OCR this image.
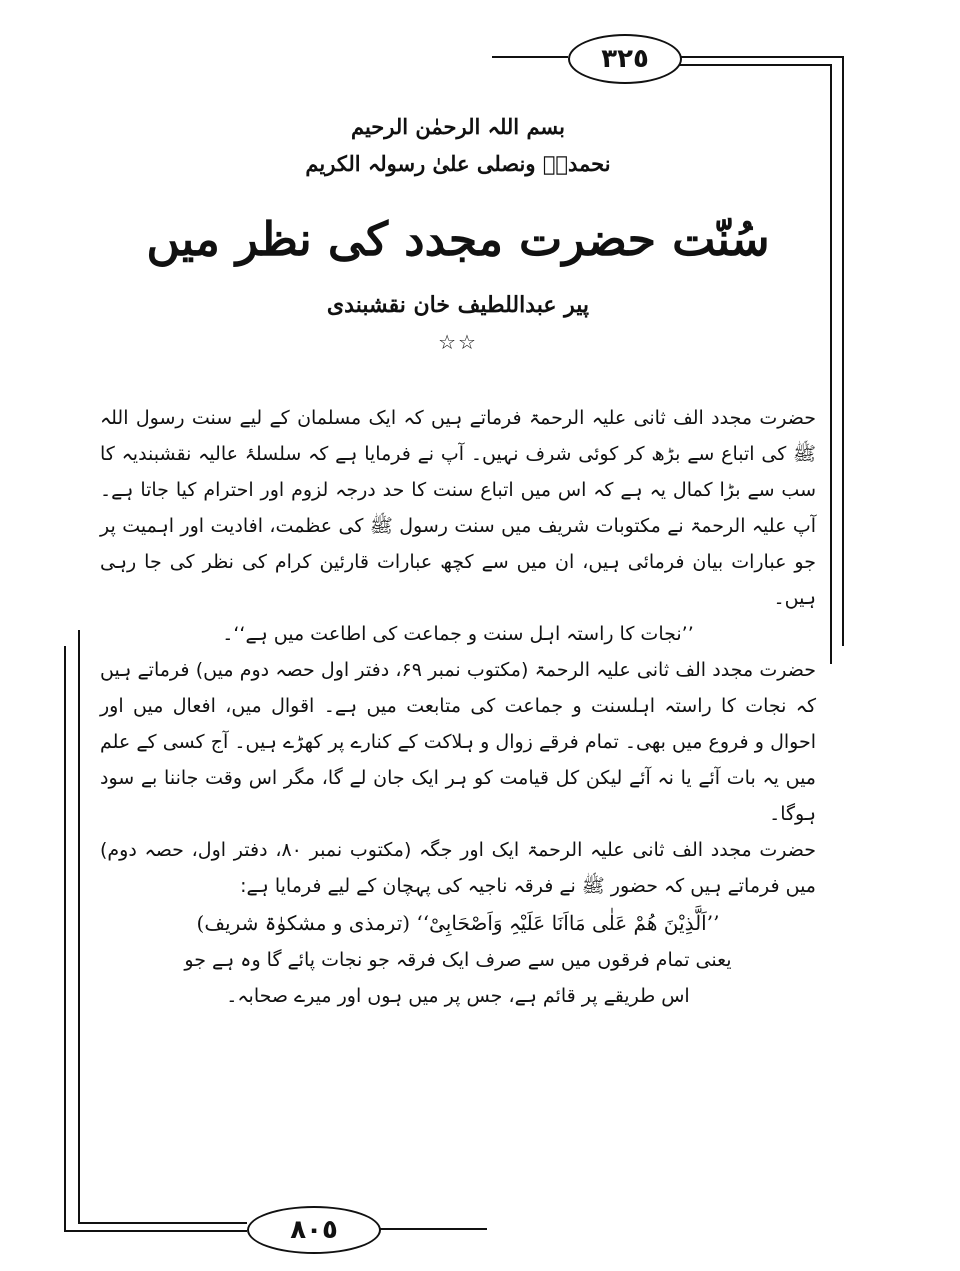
٣٢٥
٨٠٥
بسم اللہ الرحمٰن الرحیم
نحمدہٗ ونصلی علیٰ رسولہ الکریم
سُنّت حضرت مجدد کی نظر میں
پیر عبداللطیف خان نقشبندی
☆☆

حضرت مجدد الف ثانی علیہ الرحمۃ فرماتے ہیں کہ ایک مسلمان کے لیے سنت رسول اللہ ﷺ کی اتباع سے بڑھ کر کوئی شرف نہیں۔ آپ نے فرمایا ہے کہ سلسلۂ عالیہ نقشبندیہ کا سب سے بڑا کمال یہ ہے کہ اس میں اتباع سنت کا حد درجہ لزوم اور احترام کیا جاتا ہے۔ آپ علیہ الرحمۃ نے مکتوبات شریف میں سنت رسول ﷺ کی عظمت، افادیت اور اہمیت پر جو عبارات بیان فرمائی ہیں، ان میں سے کچھ عبارات قارئین کرام کی نظر کی جا رہی ہیں۔

’’نجات کا راستہ اہل سنت و جماعت کی اطاعت میں ہے‘‘۔

حضرت مجدد الف ثانی علیہ الرحمۃ (مکتوب نمبر ۶۹، دفتر اول حصہ دوم میں) فرماتے ہیں کہ نجات کا راستہ اہلسنت و جماعت کی متابعت میں ہے۔ اقوال میں، افعال میں اور احوال و فروع میں بھی۔ تمام فرقے زوال و ہلاکت کے کنارے پر کھڑے ہیں۔ آج کسی کے علم میں یہ بات آئے یا نہ آئے لیکن کل قیامت کو ہر ایک جان لے گا، مگر اس وقت جاننا بے سود ہوگا۔

حضرت مجدد الف ثانی علیہ الرحمۃ ایک اور جگہ (مکتوب نمبر ۸۰، دفتر اول، حصہ دوم) میں فرماتے ہیں کہ حضور ﷺ نے فرقہ ناجیہ کی پہچان کے لیے فرمایا ہے:

’’اَلَّذِیْنَ ھُمْ عَلٰی مَااَنَا عَلَیْہِ وَاَصْحَابِیْ‘‘ (ترمذی و مشکوٰۃ شریف)
یعنی تمام فرقوں میں سے صرف ایک فرقہ جو نجات پائے گا وہ ہے جو
اس طریقے پر قائم ہے، جس پر میں ہوں اور میرے صحابہ۔
